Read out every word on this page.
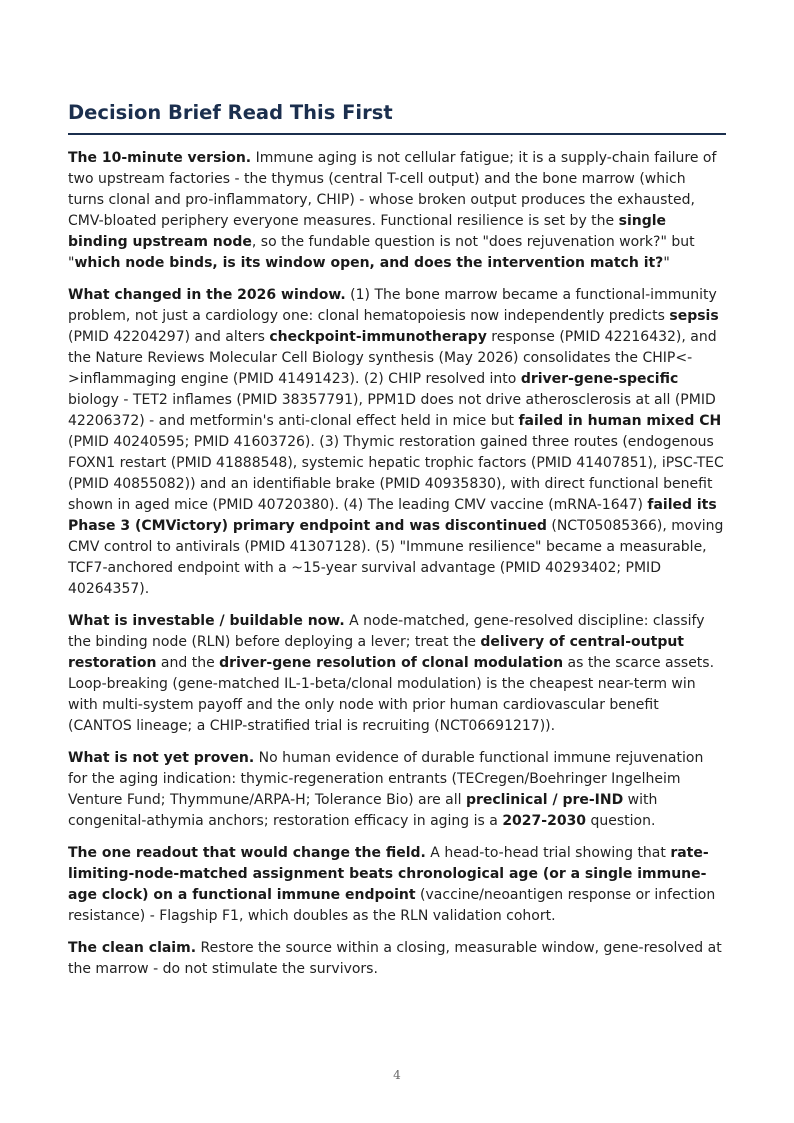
Decision Brief Read This First

The 10-minute version. Immune aging is not cellular fatigue; it is a supply-chain failure of two upstream factories - the thymus (central T-cell output) and the bone marrow (which turns clonal and pro-inflammatory, CHIP) - whose broken output produces the exhausted, CMV-bloated periphery everyone measures. Functional resilience is set by the single binding upstream node, so the fundable question is not "does rejuvenation work?" but "which node binds, is its window open, and does the intervention match it?"

What changed in the 2026 window. (1) The bone marrow became a functional-immunity problem, not just a cardiology one: clonal hematopoiesis now independently predicts sepsis (PMID 42204297) and alters checkpoint-immunotherapy response (PMID 42216432), and the Nature Reviews Molecular Cell Biology synthesis (May 2026) consolidates the CHIP<->inflammaging engine (PMID 41491423). (2) CHIP resolved into driver-gene-specific biology - TET2 inflames (PMID 38357791), PPM1D does not drive atherosclerosis at all (PMID 42206372) - and metformin's anti-clonal effect held in mice but failed in human mixed CH (PMID 40240595; PMID 41603726). (3) Thymic restoration gained three routes (endogenous FOXN1 restart (PMID 41888548), systemic hepatic trophic factors (PMID 41407851), iPSC-TEC (PMID 40855082)) and an identifiable brake (PMID 40935830), with direct functional benefit shown in aged mice (PMID 40720380). (4) The leading CMV vaccine (mRNA-1647) failed its Phase 3 (CMVictory) primary endpoint and was discontinued (NCT05085366), moving CMV control to antivirals (PMID 41307128). (5) "Immune resilience" became a measurable, TCF7-anchored endpoint with a ~15-year survival advantage (PMID 40293402; PMID 40264357).

What is investable / buildable now. A node-matched, gene-resolved discipline: classify the binding node (RLN) before deploying a lever; treat the delivery of central-output restoration and the driver-gene resolution of clonal modulation as the scarce assets. Loop-breaking (gene-matched IL-1-beta/clonal modulation) is the cheapest near-term win with multi-system payoff and the only node with prior human cardiovascular benefit (CANTOS lineage; a CHIP-stratified trial is recruiting (NCT06691217)).

What is not yet proven. No human evidence of durable functional immune rejuvenation for the aging indication: thymic-regeneration entrants (TECregen/Boehringer Ingelheim Venture Fund; Thymmune/ARPA-H; Tolerance Bio) are all preclinical / pre-IND with congenital-athymia anchors; restoration efficacy in aging is a 2027-2030 question.

The one readout that would change the field. A head-to-head trial showing that rate-limiting-node-matched assignment beats chronological age (or a single immune-age clock) on a functional immune endpoint (vaccine/neoantigen response or infection resistance) - Flagship F1, which doubles as the RLN validation cohort.

The clean claim. Restore the source within a closing, measurable window, gene-resolved at the marrow - do not stimulate the survivors.

4
